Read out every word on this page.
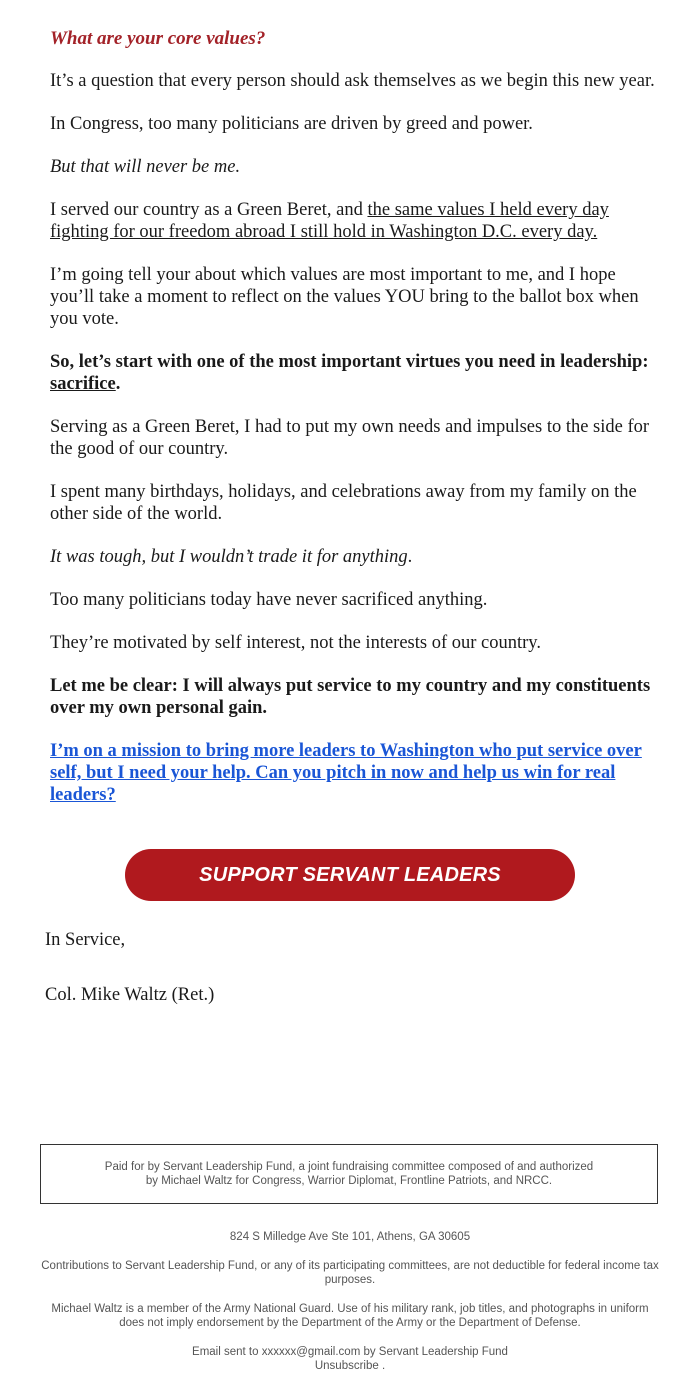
What are your core values?

It’s a question that every person should ask themselves as we begin this new year.

In Congress, too many politicians are driven by greed and power.

But that will never be me.

I served our country as a Green Beret, and the same values I held every day fighting for our freedom abroad I still hold in Washington D.C. every day.

I’m going tell your about which values are most important to me, and I hope you’ll take a moment to reflect on the values YOU bring to the ballot box when you vote.

So, let’s start with one of the most important virtues you need in leadership: sacrifice.

Serving as a Green Beret, I had to put my own needs and impulses to the side for the good of our country.

I spent many birthdays, holidays, and celebrations away from my family on the other side of the world.

It was tough, but I wouldn’t trade it for anything.

Too many politicians today have never sacrificed anything.

They’re motivated by self interest, not the interests of our country.

Let me be clear: I will always put service to my country and my constituents over my own personal gain.

I’m on a mission to bring more leaders to Washington who put service over self, but I need your help. Can you pitch in now and help us win for real leaders?
SUPPORT SERVANT LEADERS

In Service,

Col. Mike Waltz (Ret.)

Paid for by Servant Leadership Fund, a joint fundraising committee composed of and authorized by Michael Waltz for Congress, Warrior Diplomat, Frontline Patriots, and NRCC.

824 S Milledge Ave Ste 101, Athens, GA 30605

Contributions to Servant Leadership Fund, or any of its participating committees, are not deductible for federal income tax purposes.

Michael Waltz is a member of the Army National Guard. Use of his military rank, job titles, and photographs in uniform does not imply endorsement by the Department of the Army or the Department of Defense.

Email sent to xxxxxx@gmail.com by Servant Leadership Fund

Unsubscribe .
